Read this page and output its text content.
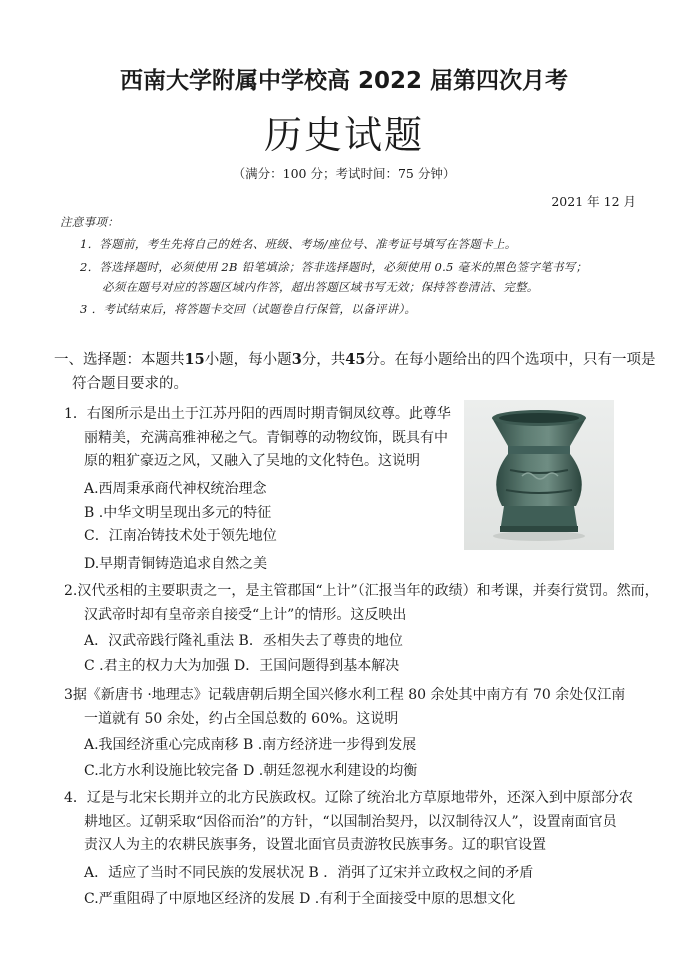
西南大学附属中学校高 2022 届第四次月考
历史试题
（满分：100 分；考试时间：75 分钟）
2021 年 12 月
注意事项：
1．答题前，考生先将自己的姓名、班级、考场/座位号、准考证号填写在答题卡上。
2．答选择题时，必须使用 2B 铅笔填涂；答非选择题时，必须使用 0.5 毫米的黑色签字笔书写；
必须在题号对应的答题区域内作答，超出答题区域书写无效；保持答卷清洁、完整。
3 ．考试结束后，将答题卡交回（试题卷自行保管，以备评讲）。
一、选择题：本题共15小题，每小题3分，共45分。在每小题给出的四个选项中，只有一项是
符合题目要求的。
1．右图所示是出土于江苏丹阳的西周时期青铜凤纹尊。此尊华
丽精美，充满高雅神秘之气。青铜尊的动物纹饰，既具有中
原的粗犷豪迈之风，又融入了吴地的文化特色。这说明
A.西周秉承商代神权统治理念
B .中华文明呈现出多元的特征
C．江南冶铸技术处于领先地位
D.早期青铜铸造追求自然之美
2.汉代丞相的主要职责之一，是主管郡国“上计”（汇报当年的政绩）和考课，并奏行赏罚。然而，
汉武帝时却有皇帝亲自接受“上计”的情形。这反映出
A．汉武帝践行隆礼重法 B．丞相失去了尊贵的地位
C .君主的权力大为加强 D．王国问题得到基本解决
3据《新唐书 ·地理志》记载唐朝后期全国兴修水利工程 80 余处其中南方有 70 余处仅江南
一道就有 50 余处，约占全国总数的 60%。这说明
A.我国经济重心完成南移 B .南方经济进一步得到发展
C.北方水利设施比较完备 D .朝廷忽视水利建设的均衡
4．辽是与北宋长期并立的北方民族政权。辽除了统治北方草原地带外，还深入到中原部分农
耕地区。辽朝采取“因俗而治”的方针，“以国制治契丹，以汉制待汉人”，设置南面官员
责汉人为主的农耕民族事务，设置北面官员责游牧民族事务。辽的职官设置
A．适应了当时不同民族的发展状况 B ．消弭了辽宋并立政权之间的矛盾
C.严重阻碍了中原地区经济的发展 D .有利于全面接受中原的思想文化
